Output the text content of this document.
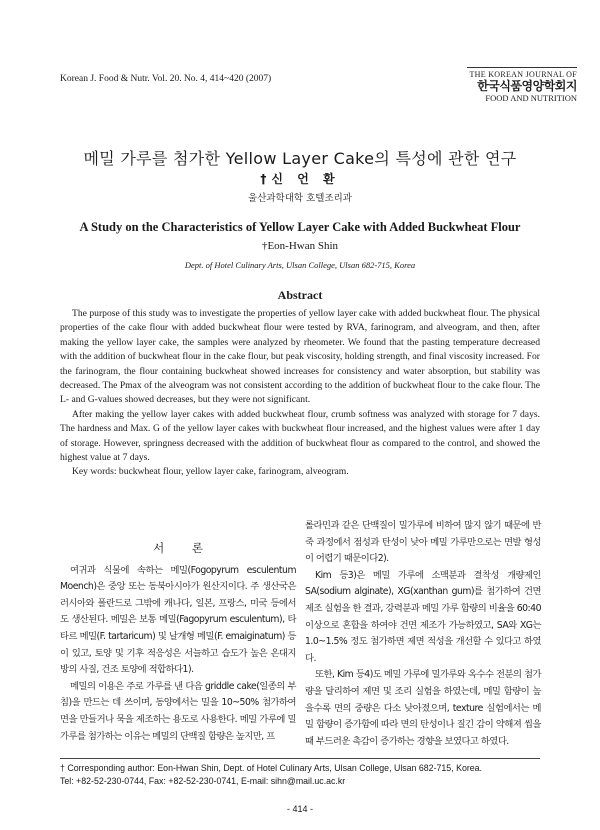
Korean J. Food & Nutr. Vol. 20. No. 4, 414~420 (2007)	THE KOREAN JOURNAL OF
한국식품영양학회지
FOOD AND NUTRITION
메밀 가루를 첨가한 Yellow Layer Cake의 특성에 관한 연구
†신 언 환
울산과학대학 호텔조리과
A Study on the Characteristics of Yellow Layer Cake with Added Buckwheat Flour
†Eon-Hwan Shin
Dept. of Hotel Culinary Arts, Ulsan College, Ulsan 682-715, Korea
Abstract

The purpose of this study was to investigate the properties of yellow layer cake with added buckwheat flour. The physical properties of the cake flour with added buckwheat flour were tested by RVA, farinogram, and alveogram, and then, after making the yellow layer cake, the samples were analyzed by rheometer. We found that the pasting temperature decreased with the addition of buckwheat flour in the cake flour, but peak viscosity, holding strength, and final viscosity increased. For the farinogram, the flour containing buckwheat showed increases for consistency and water absorption, but stability was decreased. The Pmax of the alveogram was not consistent according to the addition of buckwheat flour to the cake flour. The L- and G-values showed decreases, but they were not significant.

After making the yellow layer cakes with added buckwheat flour, crumb softness was analyzed with storage for 7 days. The hardness and Max. G of the yellow layer cakes with buckwheat flour increased, and the highest values were after 1 day of storage. However, springness decreased with the addition of buckwheat flour as compared to the control, and showed the highest value at 7 days.

Key words: buckwheat flour, yellow layer cake, farinogram, alveogram.

서 론

여귀과 식물에 속하는 메밀(Fogopyrum esculentum Moench)은 중앙 또는 동북아시아가 원산지이다. 주 생산국은 러시아와 폴란드로 그밖에 캐나다, 일본, 프랑스, 미국 등에서도 생산된다. 메밀은 보통 메밀(Fagopyrum esculentum), 타타르 메밀(F. tartaricum) 및 날개형 메밀(F. emaiginatum) 등이 있고, 토양 및 기후 적응성은 서늘하고 습도가 높은 온대지방의 사질, 건조 토양에 적합하다1).

메밀의 이용은 주로 가루를 낸 다음 griddle cake(일종의 부침)을 만드는 데 쓰이며, 동양에서는 밀을 10~50% 첨가하여 면을 만들거나 묵을 제조하는 용도로 사용한다. 메밀 가루에 밀가루를 첨가하는 이유는 메밀의 단백질 함량은 높지만, 프

롤라민과 같은 단백질이 밀가루에 비하여 많지 않기 때문에 반죽 과정에서 점성과 탄성이 낮아 메밀 가루만으로는 면발 형성이 어렵기 때문이다2).

Kim 등3)은 메밀 가루에 소맥분과 결착성 개량제인 SA(sodium alginate), XG(xanthan gum)를 첨가하여 건면 제조 실험을 한 결과, 강력분과 메밀 가루 함량의 비율을 60:40 이상으로 혼합을 하여야 건면 제조가 가능하였고, SA와 XG는 1.0~1.5% 정도 첨가하면 제면 적성을 개선할 수 있다고 하였다.

또한, Kim 등4)도 메밀 가루에 밀가루와 옥수수 전분의 첨가량을 달리하여 제면 및 조리 실험을 하였는데, 메밀 함량이 높을수록 면의 중량은 다소 낮아졌으며, texture 실험에서는 메밀 함량이 증가함에 따라 면의 탄성이나 질긴 감이 약해져 씹을 때 부드러운 촉감이 증가하는 경향을 보였다고 하였다.

† Corresponding author: Eon-Hwan Shin, Dept. of Hotel Culinary Arts, Ulsan College, Ulsan 682-715, Korea.
Tel: +82-52-230-0744, Fax: +82-52-230-0741, E-mail: sihn@mail.uc.ac.kr
- 414 -
